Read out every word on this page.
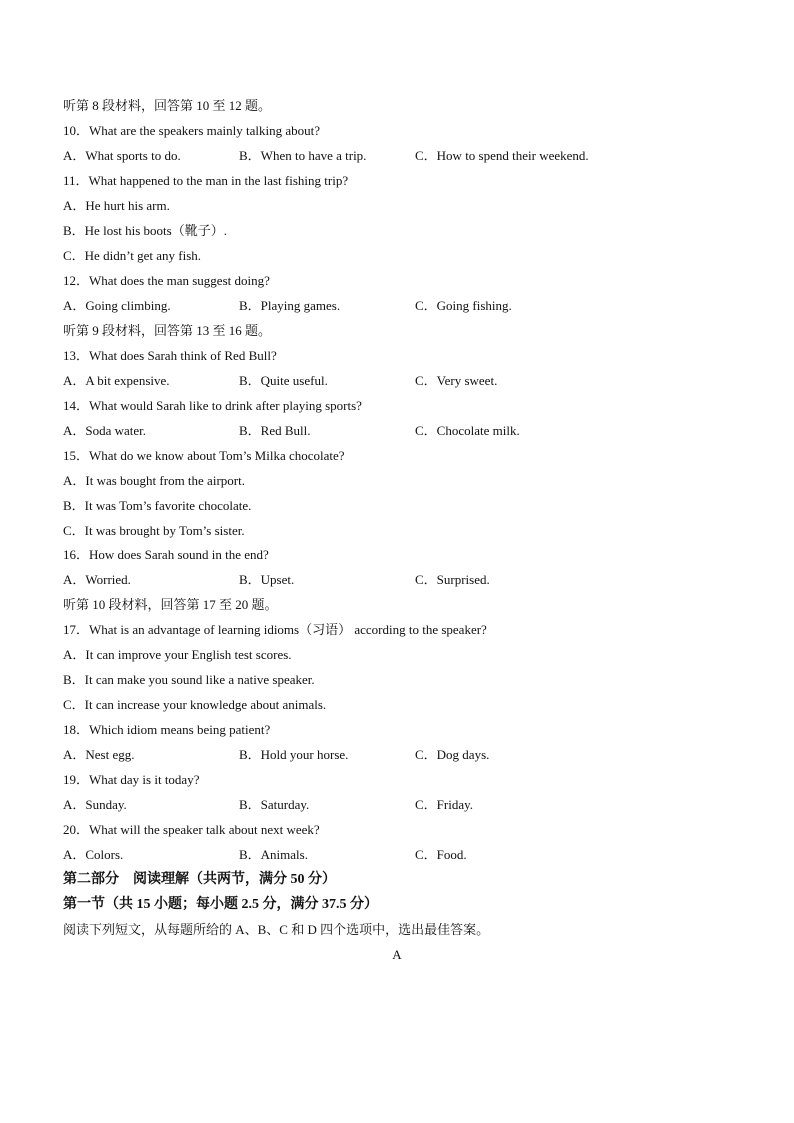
听第 8 段材料，回答第 10 至 12 题。
10．What are the speakers mainly talking about?
A．What sports to do.	B．When to have a trip.	C．How to spend their weekend.
11．What happened to the man in the last fishing trip?
A．He hurt his arm.
B．He lost his boots（靴子）.
C．He didn’t get any fish.
12．What does the man suggest doing?
A．Going climbing.	B．Playing games.	C．Going fishing.
听第 9 段材料，回答第 13 至 16 题。
13．What does Sarah think of Red Bull?
A．A bit expensive.	B．Quite useful.	C．Very sweet.
14．What would Sarah like to drink after playing sports?
A．Soda water.	B．Red Bull.	C．Chocolate milk.
15．What do we know about Tom’s Milka chocolate?
A．It was bought from the airport.
B．It was Tom’s favorite chocolate.
C．It was brought by Tom’s sister.
16．How does Sarah sound in the end?
A．Worried.	B．Upset.	C．Surprised.
听第 10 段材料，回答第 17 至 20 题。
17．What is an advantage of learning idioms（习语） according to the speaker?
A．It can improve your English test scores.
B．It can make you sound like a native speaker.
C．It can increase your knowledge about animals.
18．Which idiom means being patient?
A．Nest egg.	B．Hold your horse.	C．Dog days.
19．What day is it today?
A．Sunday.	B．Saturday.	C．Friday.
20．What will the speaker talk about next week?
A．Colors.	B．Animals.	C．Food.
第二部分　阅读理解（共两节，满分 50 分）
第一节（共 15 小题；每小题 2.5 分，满分 37.5 分）
阅读下列短文，从每题所给的 A、B、C 和 D 四个选项中，选出最佳答案。
A
